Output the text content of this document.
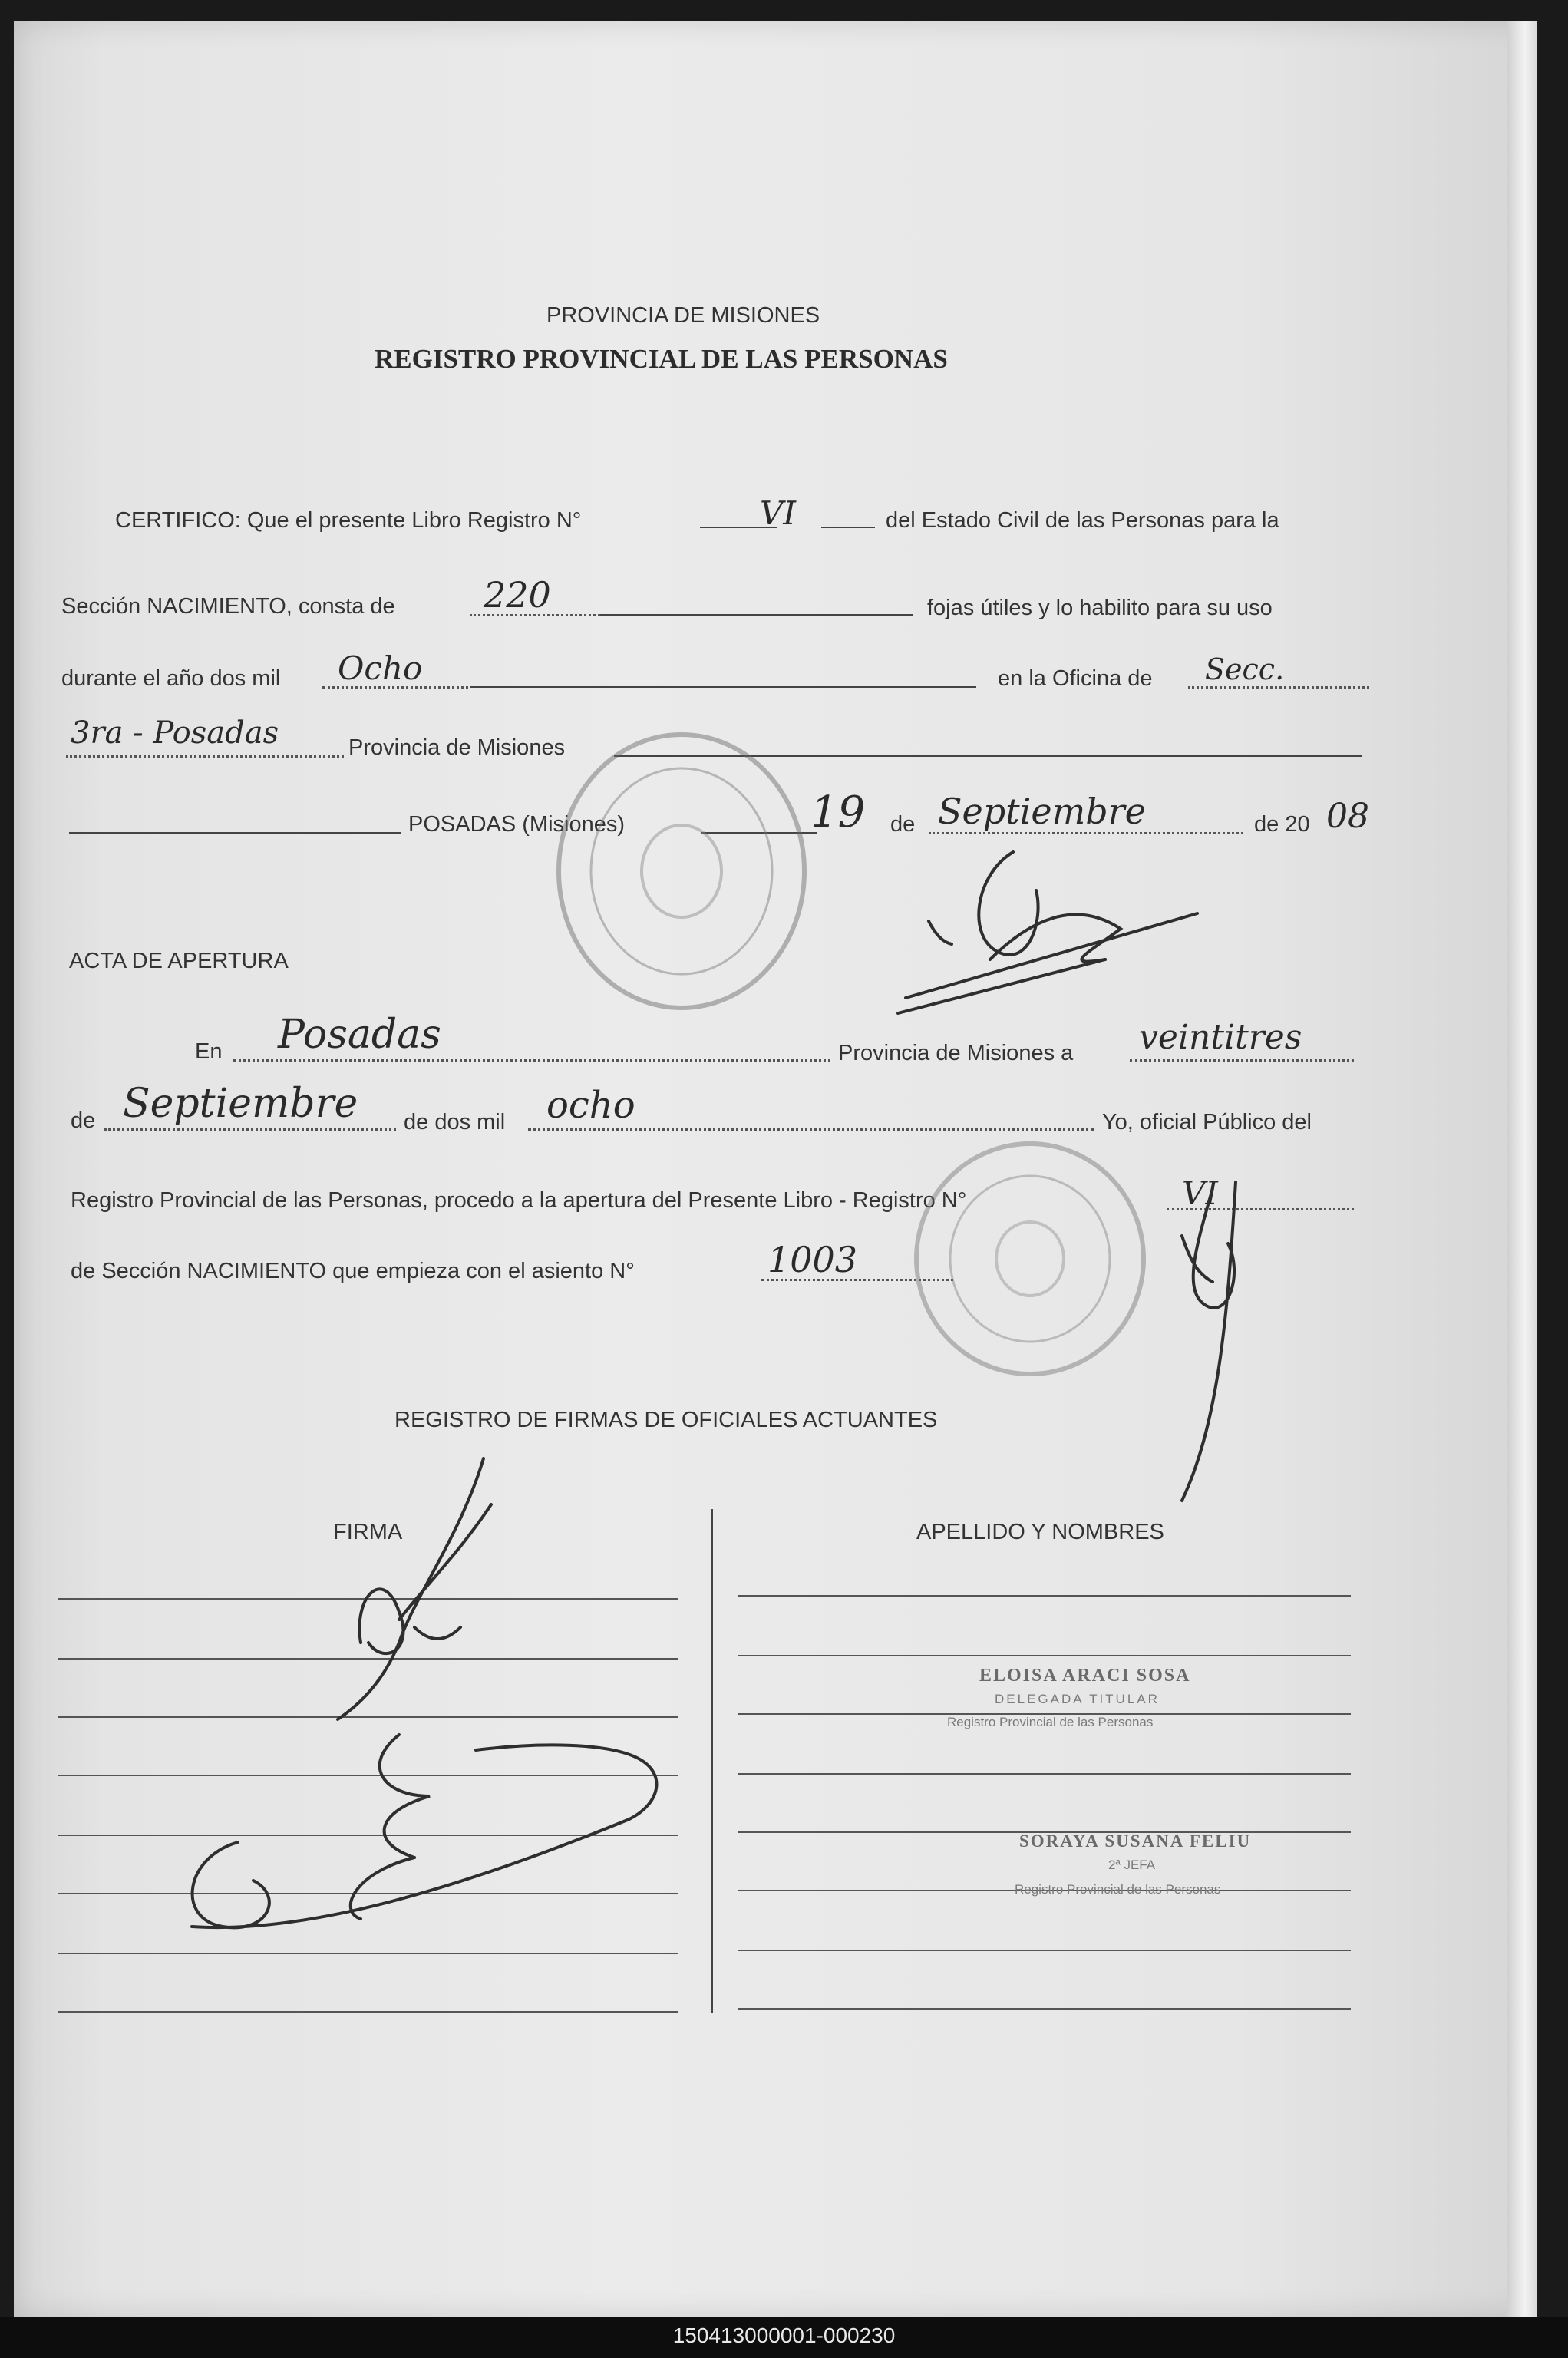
PROVINCIA DE MISIONES
REGISTRO PROVINCIAL DE LAS PERSONAS
CERTIFICO: Que el presente Libro Registro N°	VI	del Estado Civil de las Personas para la
Sección NACIMIENTO, consta de	220	fojas útiles y lo habilito para su uso
durante el año dos mil Ocho	en la Oficina de Secc.
3ra - Posadas	Provincia de Misiones
POSADAS (Misiones)	19 de Septiembre	de 20 08
ACTA DE APERTURA
En Posadas	Provincia de Misiones a veintitres
de Septiembre de dos mil ocho	Yo, oficial Público del
Registro Provincial de las Personas, procedo a la apertura del Presente Libro - Registro N°	VI
de Sección NACIMIENTO que empieza con el asiento N°	1003
REGISTRO DE FIRMAS DE OFICIALES ACTUANTES
FIRMA	APELLIDO Y NOMBRES
ELOISA ARACI SOSA
DELEGADA TITULAR
Registro Provincial de las Personas
SORAYA SUSANA FELIU
2ª JEFA
Registro Provincial de las Personas
150413000001-000230
